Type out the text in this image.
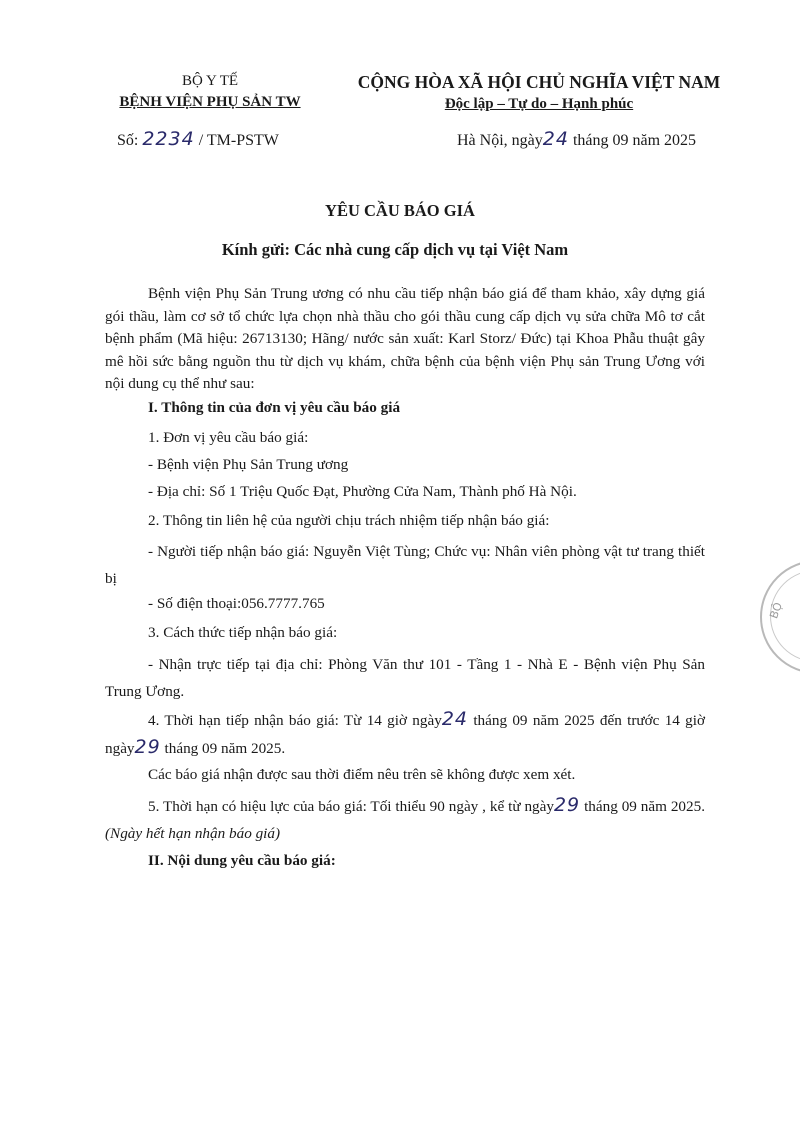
BỘ Y TẾ
BỆNH VIỆN PHỤ SẢN TW
CỘNG HÒA XÃ HỘI CHỦ NGHĨA VIỆT NAM
Độc lập – Tự do – Hạnh phúc
Số: 2234 / TM-PSTW	Hà Nội, ngày24 tháng 09 năm 2025
YÊU CẦU BÁO GIÁ
Kính gửi: Các nhà cung cấp dịch vụ tại Việt Nam
Bệnh viện Phụ Sản Trung ương có nhu cầu tiếp nhận báo giá để tham khảo, xây dựng giá gói thầu, làm cơ sở tổ chức lựa chọn nhà thầu cho gói thầu cung cấp dịch vụ sửa chữa Mô tơ cắt bệnh phẩm (Mã hiệu: 26713130; Hãng/ nước sản xuất: Karl Storz/ Đức) tại Khoa Phẫu thuật gây mê hồi sức bằng nguồn thu từ dịch vụ khám, chữa bệnh của bệnh viện Phụ sản Trung Ương với nội dung cụ thể như sau:
I. Thông tin của đơn vị yêu cầu báo giá
1. Đơn vị yêu cầu báo giá:
- Bệnh viện Phụ Sản Trung ương
- Địa chỉ: Số 1 Triệu Quốc Đạt, Phường Cửa Nam, Thành phố Hà Nội.
2. Thông tin liên hệ của người chịu trách nhiệm tiếp nhận báo giá:
- Người tiếp nhận báo giá: Nguyễn Việt Tùng; Chức vụ: Nhân viên phòng vật tư trang thiết bị
- Số điện thoại:056.7777.765
3. Cách thức tiếp nhận báo giá:
- Nhận trực tiếp tại địa chỉ: Phòng Văn thư 101 - Tầng 1 - Nhà E - Bệnh viện Phụ Sản Trung Ương.
4. Thời hạn tiếp nhận báo giá: Từ 14 giờ ngày24 tháng 09 năm 2025 đến trước 14 giờ ngày29 tháng 09 năm 2025.
Các báo giá nhận được sau thời điểm nêu trên sẽ không được xem xét.
5. Thời hạn có hiệu lực của báo giá: Tối thiểu 90 ngày , kể từ ngày29 tháng 09 năm 2025. (Ngày hết hạn nhận báo giá)
II. Nội dung yêu cầu báo giá:
BỘ
